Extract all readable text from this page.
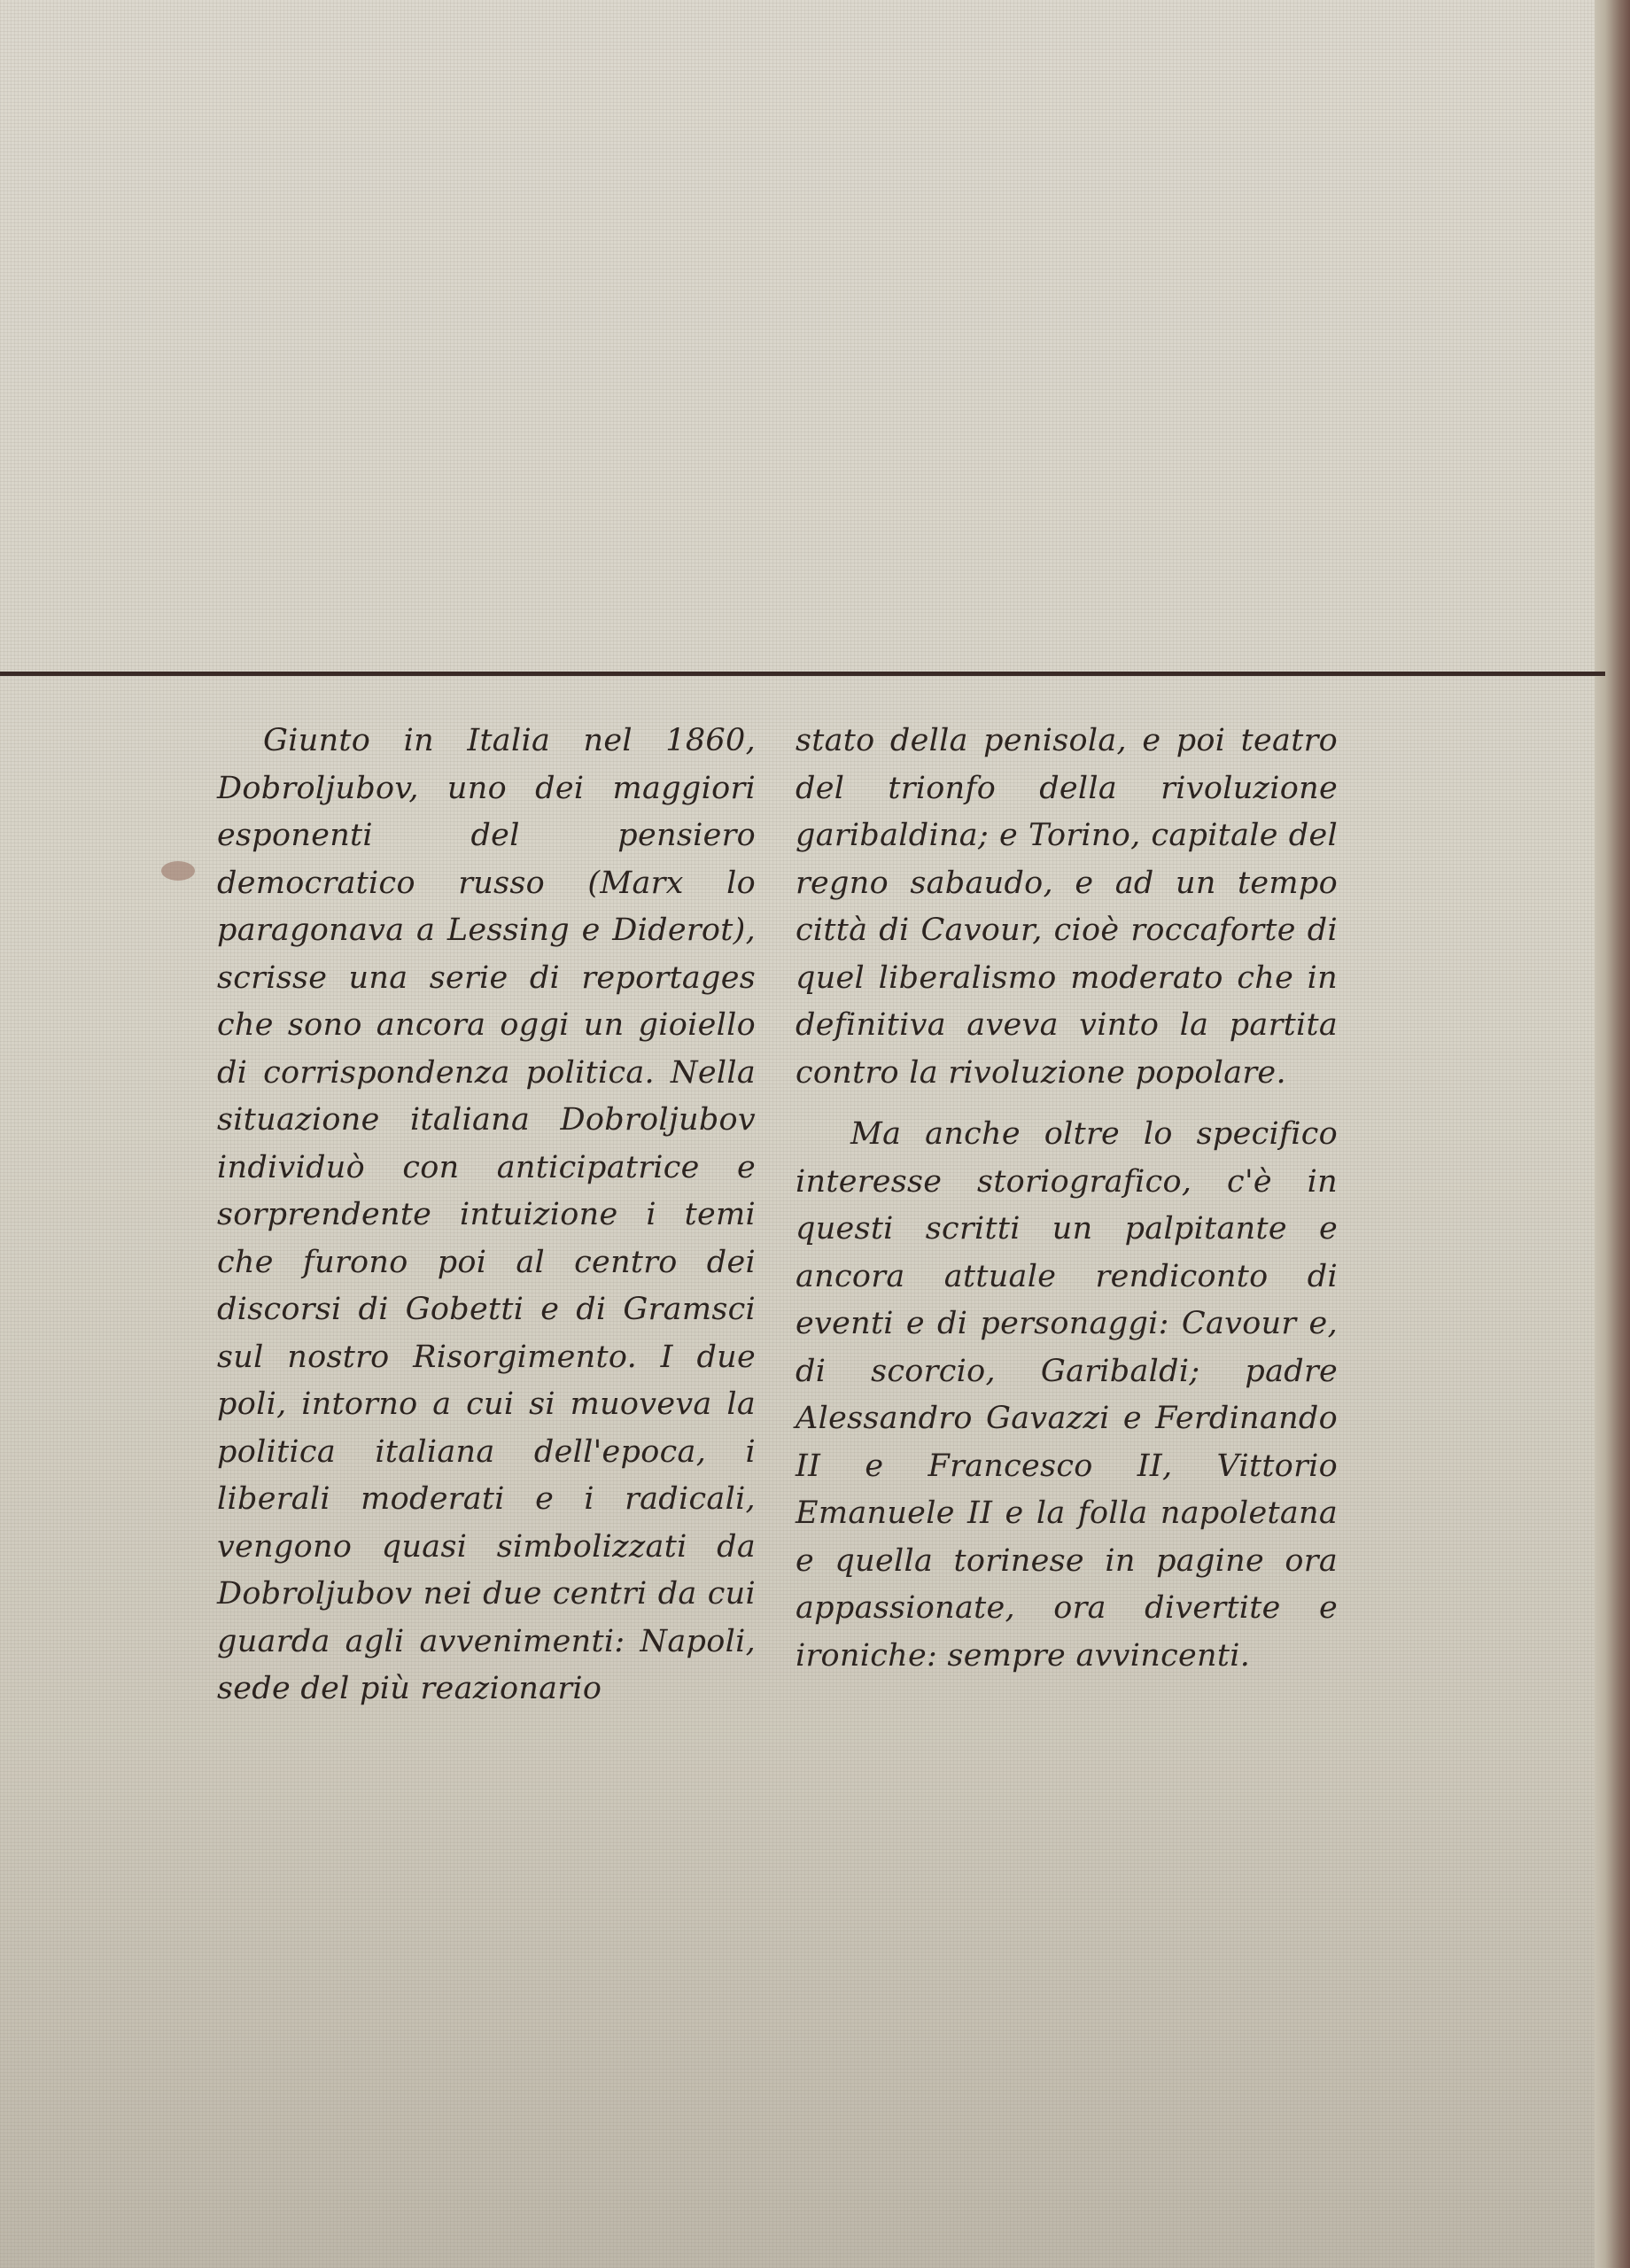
Giunto in Italia nel 1860, Dobroljubov, uno dei maggiori esponenti del pensiero democratico russo (Marx lo paragonava a Lessing e Diderot), scrisse una serie di reportages che sono ancora oggi un gioiello di corrispondenza politica. Nella situazione italiana Dobroljubov individuò con anticipatrice e sorprendente intuizione i temi che furono poi al centro dei discorsi di Gobetti e di Gramsci sul nostro Risorgimento. I due poli, intorno a cui si muoveva la politica italiana dell'epoca, i liberali moderati e i radicali, vengono quasi simbolizzati da Dobroljubov nei due centri da cui guarda agli avvenimenti: Napoli, sede del più reazionario

stato della penisola, e poi teatro del trionfo della rivoluzione garibaldina; e Torino, capitale del regno sabaudo, e ad un tempo città di Cavour, cioè roccaforte di quel liberalismo moderato che in definitiva aveva vinto la partita contro la rivoluzione popolare.

Ma anche oltre lo specifico interesse storiografico, c'è in questi scritti un palpitante e ancora attuale rendiconto di eventi e di personaggi: Cavour e, di scorcio, Garibaldi; padre Alessandro Gavazzi e Ferdinando II e Francesco II, Vittorio Emanuele II e la folla napoletana e quella torinese in pagine ora appassionate, ora divertite e ironiche: sempre avvincenti.
